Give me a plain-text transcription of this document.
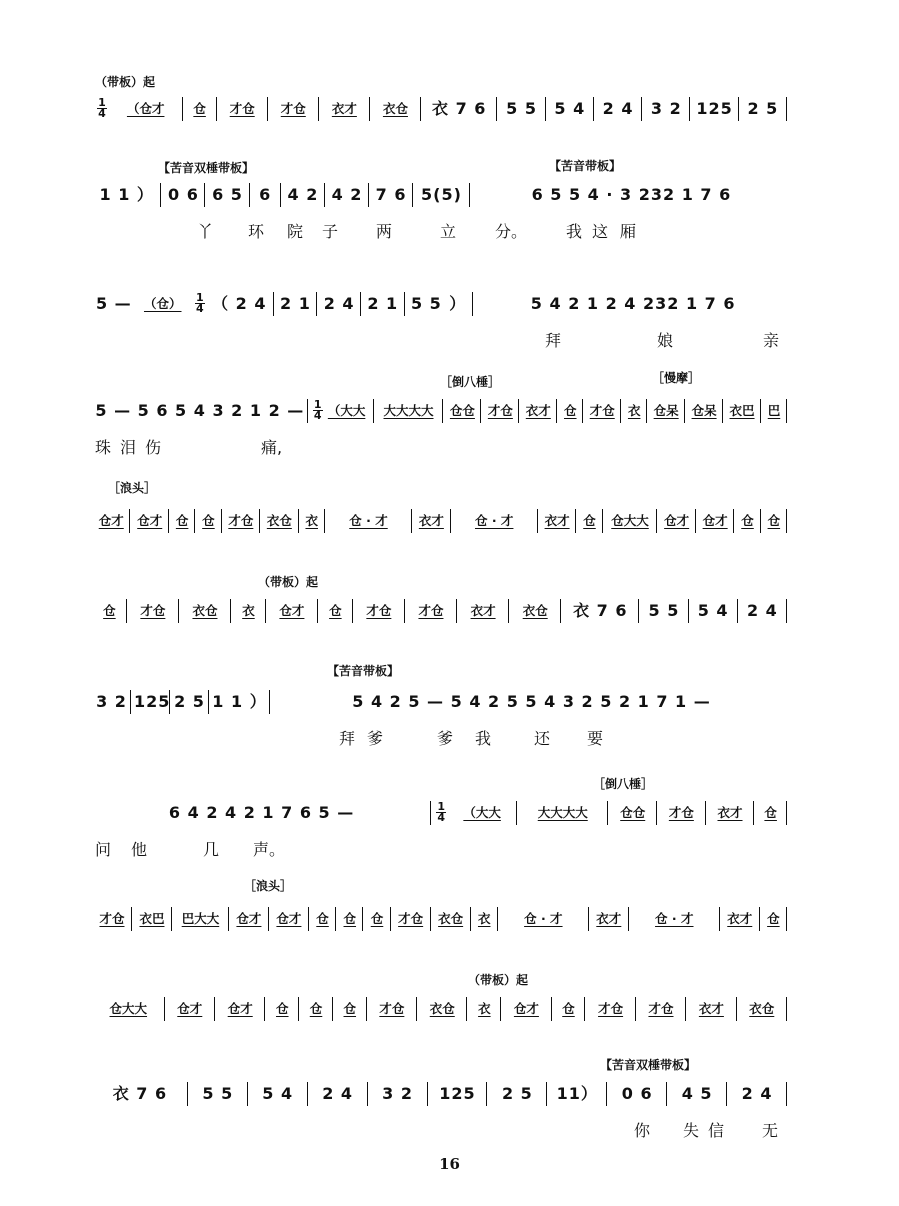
（带板）起
$\frac{1}{4}$	（仓才	仓	才仓	才仓	衣才	衣仓	衣 7 6	5 5	5 4	2 4	3 2 125 2 5
【苦音双棰带板】	【苦音带板】
1 1 ） 0 6 6 5	6	4 2 4 2 7 6 5(5)	6 5 5 4 · 3 232 1 7 6
丫 环 院 子 两	立 分。 我 这 厢
5 — （仓）	$\frac{1}{4}$ （ 2 4 2 1 2 4 2 1 5 5 ）	5 4 2 1 2 4 232 1 7 6
拜	娘	亲
［倒八棰］	［慢摩］
5 — 5 6 5 4 3 2 1 2 — $\frac{1}{4}$ （大大	大大大大	仓仓 才仓 衣才 仓 才仓 衣 仓呆 仓呆 衣巴 巴
珠 泪 伤	痛,
［浪头］
仓才 仓才	仓	仓	才仓 衣仓	衣	仓 · 才	衣才	仓 · 才	衣才	仓	仓大大	仓才 仓才	仓	仓
（带板）起
仓	才仓	衣仓	衣	仓才	仓	才仓	才仓	衣才	衣仓	衣 7 6	5 5	5 4	2 4
【苦音带板】
3 2 125 2 5 1 1 ）	5 4 2 5 — 5 4 2 5 5 4 3 2 5 2 1 7 1 —
拜 爹	爹 我	还 要
［倒八棰］
6 4 2 4 2 1 7 6 5 —	$\frac{1}{4}$	（大大	大大大大	仓仓	才仓	衣才	仓
问 他	几 声。
［浪头］
才仓	衣巴	巴大大	仓才	仓才	仓	仓	仓	才仓	衣仓	衣	仓 · 才	衣才	仓 · 才	衣才	仓
（带板）起
仓大大	仓才	仓才	仓	仓	仓	才仓	衣仓	衣	仓才	仓	才仓	才仓	衣才	衣仓
【苦音双棰带板】
衣 7 6	5 5	5 4	2 4	3 2	125	2 5	11）	0 6	4 5	2 4
你 失 信 无
16
